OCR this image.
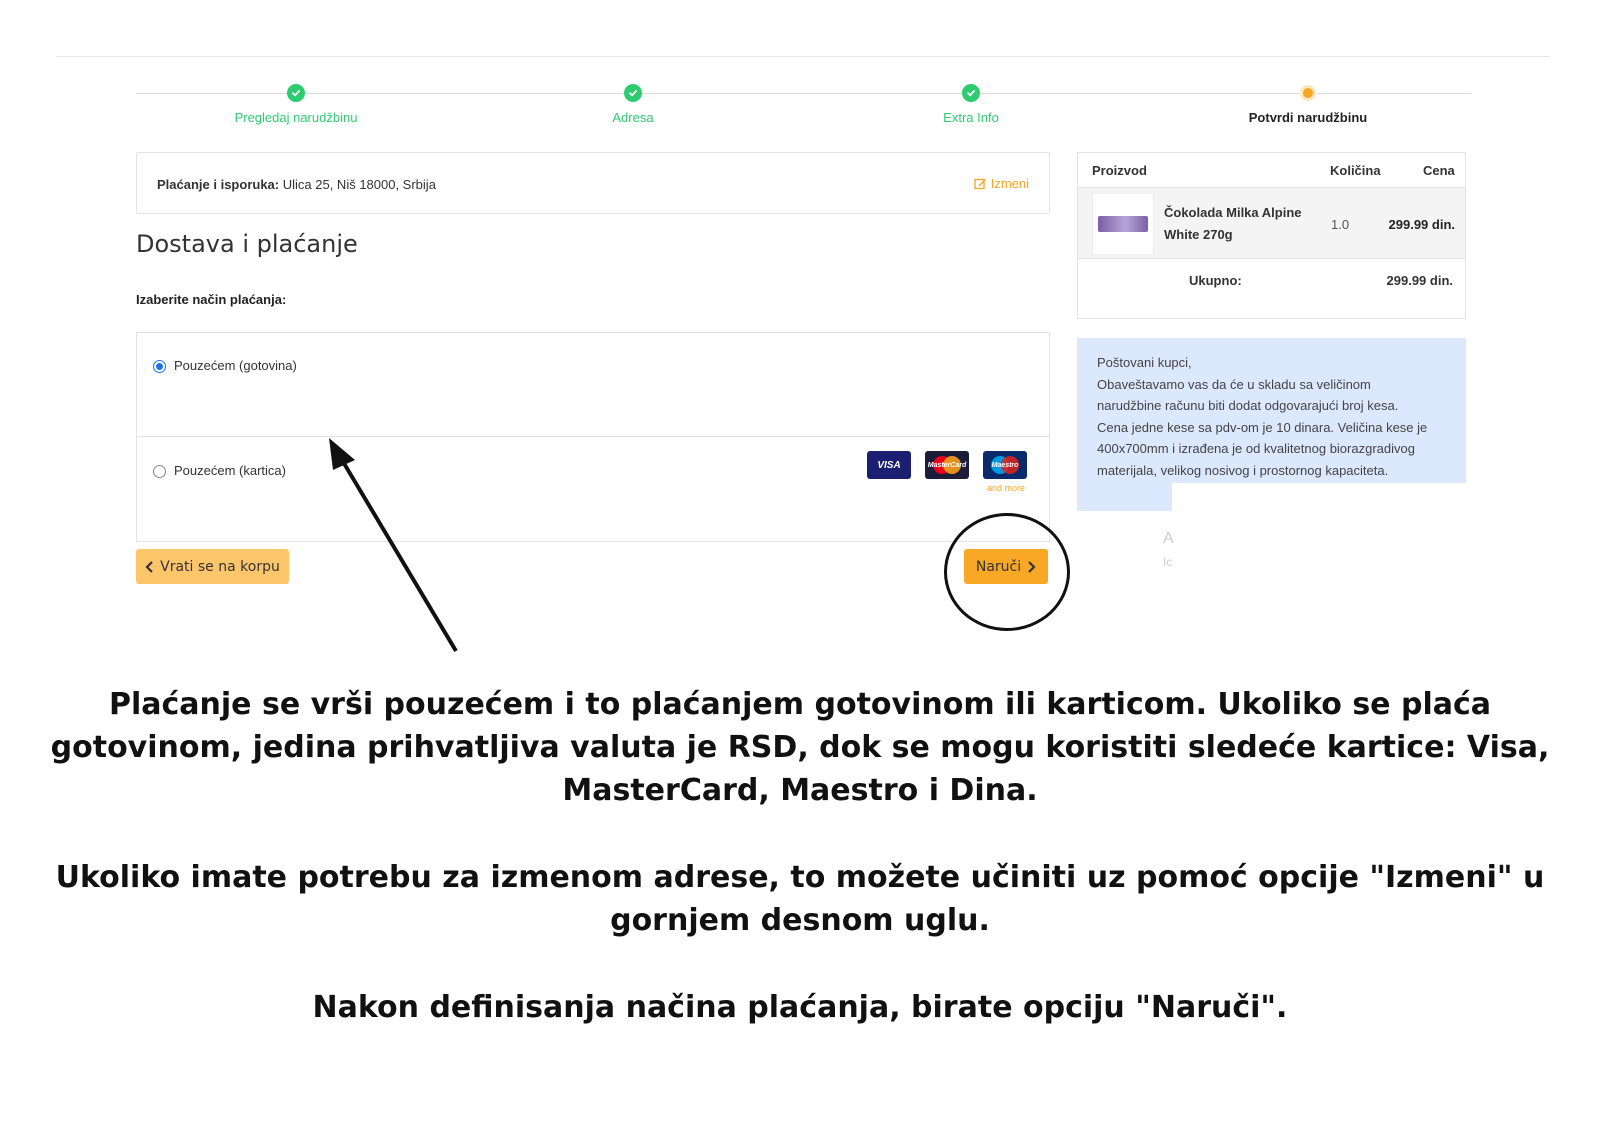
Pregledaj narudžbinu	Adresa	Extra Info	Potvrdi narudžbinu
Plaćanje i isporuka: Ulica 25, Niš 18000, Srbija	Izmeni
Dostava i plaćanje
Izaberite način plaćanja:
Pouzećem (gotovina)
Pouzećem (kartica)	VISA	MasterCard	Maestro
and more
Vrati se na korpu	Naruči
Proizvod	Količina	Cena
Čokolada Milka Alpine White 270g
1.0	299.99 din.
Ukupno:	299.99 din.
Poštovani kupci,
Obaveštavamo vas da će u skladu sa veličinom
narudžbine računu biti dodat odgovarajući broj kesa.
Cena jedne kese sa pdv-om je 10 dinara. Veličina kese je
400x700mm i izrađena je od kvalitetnog biorazgradivog
materijala, velikog nosivog i prostornog kapaciteta.
A
Ic
Plaćanje se vrši pouzećem i to plaćanjem gotovinom ili karticom. Ukoliko se plaća gotovinom, jedina prihvatljiva valuta je RSD, dok se mogu koristiti sledeće kartice: Visa, MasterCard, Maestro i Dina.
Ukoliko imate potrebu za izmenom adrese, to možete učiniti uz pomoć opcije "Izmeni" u gornjem desnom uglu.
Nakon definisanja načina plaćanja, birate opciju "Naruči".
